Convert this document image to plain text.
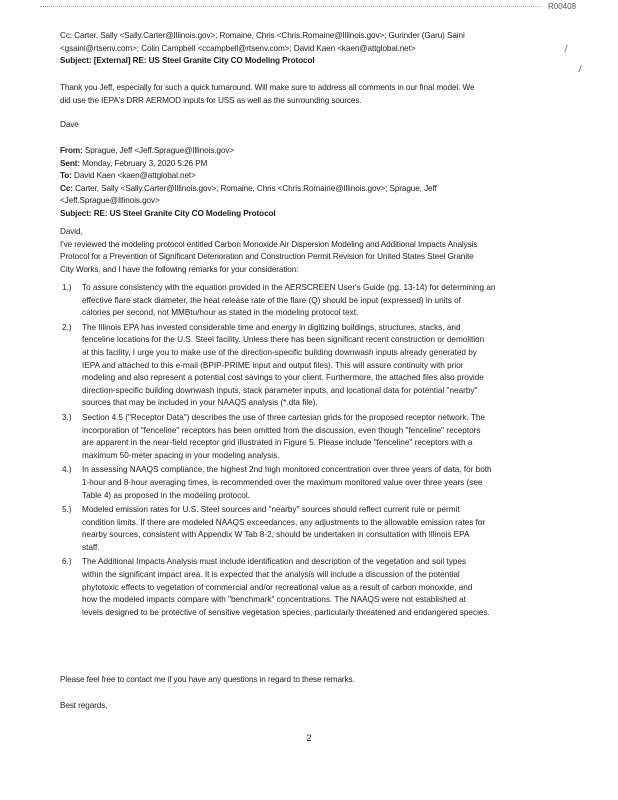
R00408
\
\
Cc: Carter, Sally <Sally.Carter@Illinois.gov>; Romaine, Chris <Chris.Romaine@Illinois.gov>; Gurinder (Garu) Saini
<gsaini@rtsenv.com>; Colin Campbell <ccampbell@rtsenv.com>; David Kaen <kaen@attglobal.net>
Subject: [External] RE: US Steel Granite City CO Modeling Protocol
Thank you Jeff, especially for such a quick turnaround. Will make sure to address all comments in our final model. We
did use the IEPA's DRR AERMOD inputs for USS as well as the surrounding sources.
Dave
From: Sprague, Jeff <Jeff.Sprague@Illinois.gov>
Sent: Monday, February 3, 2020 5:26 PM
To: David Kaen <kaen@attglobal.net>
Cc: Carter, Sally <Sally.Carter@Illinois.gov>; Romaine, Chris <Chris.Romaine@Illinois.gov>; Sprague, Jeff
<Jeff.Sprague@Illinois.gov>
Subject: RE: US Steel Granite City CO Modeling Protocol
David,
I've reviewed the modeling protocol entitled Carbon Monoxide Air Dispersion Modeling and Additional Impacts Analysis
Protocol for a Prevention of Significant Deterioration and Construction Permit Revision for United States Steel Granite
City Works, and I have the following remarks for your consideration:
1.) To assure consistency with the equation provided in the AERSCREEN User's Guide (pg. 13-14) for determining an
effective flare stack diameter, the heat release rate of the flare (Q) should be input (expressed) in units of
calories per second, not MMBtu/hour as stated in the modeling protocol text.
2.) The Illinois EPA has invested considerable time and energy in digitizing buildings, structures, stacks, and
fenceline locations for the U.S. Steel facility. Unless there has been significant recent construction or demolition
at this facility, I urge you to make use of the direction-specific building downwash inputs already generated by
IEPA and attached to this e-mail (BPIP-PRIME input and output files). This will assure continuity with prior
modeling and also represent a potential cost savings to your client. Furthermore, the attached files also provide
direction-specific building downwash inputs, stack parameter inputs, and locational data for potential "nearby"
sources that may be included in your NAAQS analysis (*.dta file).
3.) Section 4.5 ("Receptor Data") describes the use of three cartesian grids for the proposed receptor network. The
incorporation of "fenceline" receptors has been omitted from the discussion, even though "fenceline" receptors
are apparent in the near-field receptor grid illustrated in Figure 5. Please include "fenceline" receptors with a
maximum 50-meter spacing in your modeling analysis.
4.) In assessing NAAQS compliance, the highest 2nd high monitored concentration over three years of data, for both
1-hour and 8-hour averaging times, is recommended over the maximum monitored value over three years (see
Table 4) as proposed in the modeling protocol.
5.) Modeled emission rates for U.S. Steel sources and "nearby" sources should reflect current rule or permit
condition limits. If there are modeled NAAQS exceedances, any adjustments to the allowable emission rates for
nearby sources, consistent with Appendix W Tab 8-2, should be undertaken in consultation with Illinois EPA
staff.
6.) The Additional Impacts Analysis must include identification and description of the vegetation and soil types
within the significant impact area. It is expected that the analysis will include a discussion of the potential
phytotoxic effects to vegetation of commercial and/or recreational value as a result of carbon monoxide, and
how the modeled impacts compare with "benchmark" concentrations. The NAAQS were not established at
levels designed to be protective of sensitive vegetation species, particularly threatened and endangered species.
Please feel free to contact me if you have any questions in regard to these remarks.
Best regards,
2
